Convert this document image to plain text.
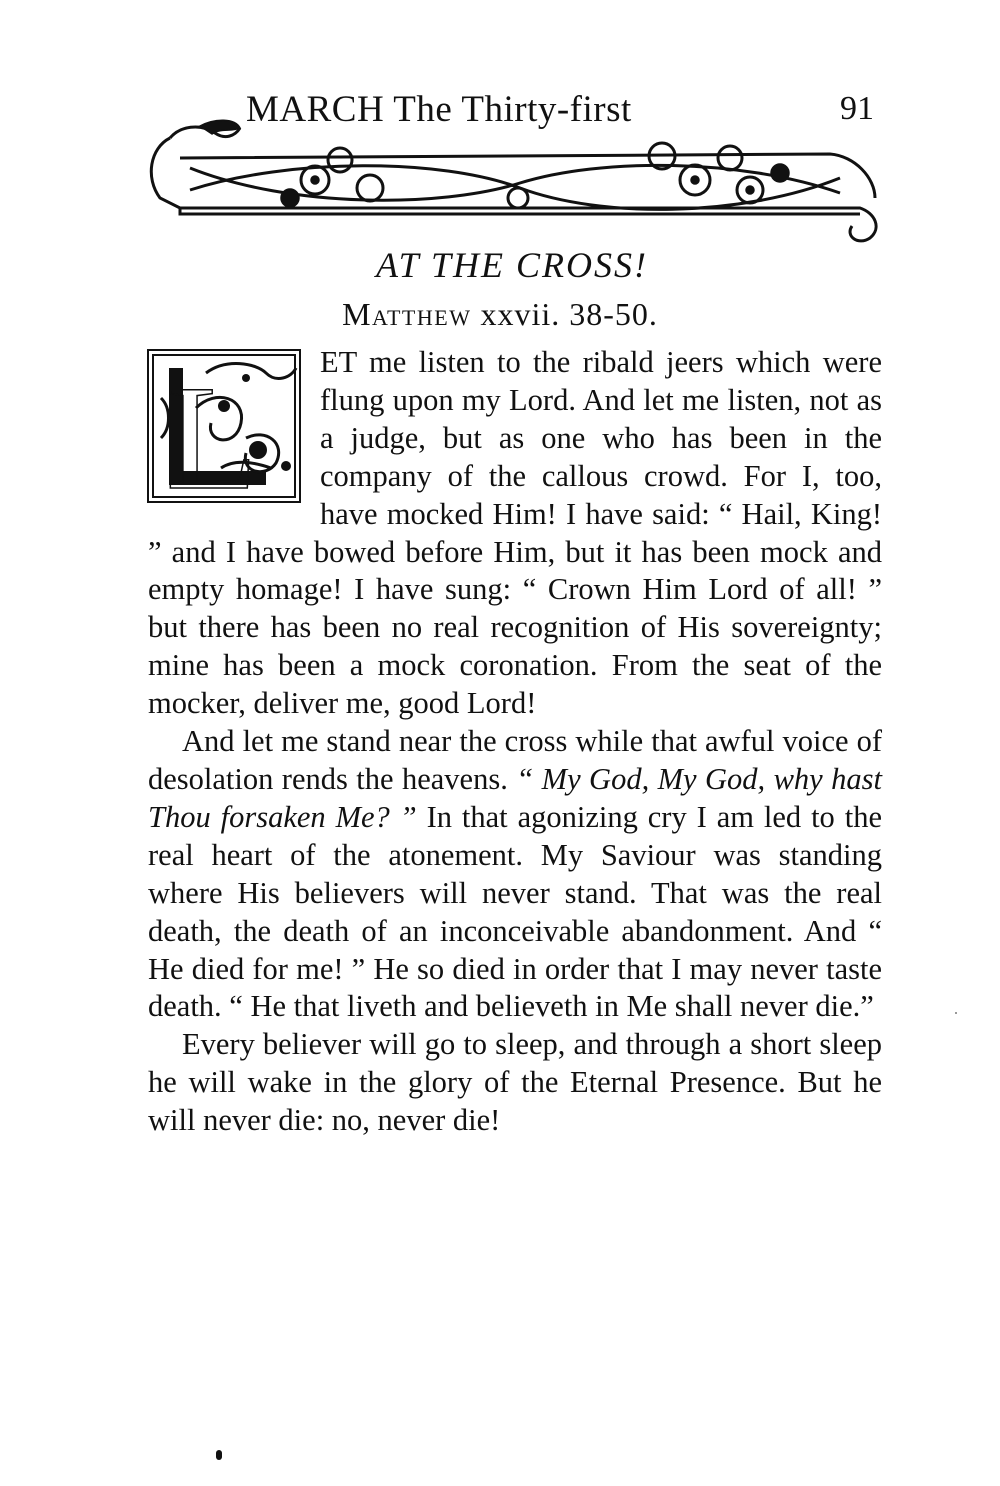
MARCH The Thirty-first	91
AT THE CROSS!
Matthew xxvii. 38-50.

L ET me listen to the ribald jeers which were flung upon my Lord. And let me listen, not as a judge, but as one who has been in the company of the callous crowd. For I, too, have mocked Him! I have said: “ Hail, King! ” and I have bowed before Him, but it has been mock and empty homage! I have sung: “ Crown Him Lord of all! ” but there has been no real recognition of His sovereignty; mine has been a mock coronation. From the seat of the mocker, deliver me, good Lord!

And let me stand near the cross while that awful voice of desolation rends the heavens. “ My God, My God, why hast Thou forsaken Me? ” In that agonizing cry I am led to the real heart of the atonement. My Saviour was standing where His believers will never stand. That was the real death, the death of an inconceivable abandonment. And “ He died for me! ” He so died in order that I may never taste death. “ He that liveth and believeth in Me shall never die.”

Every believer will go to sleep, and through a short sleep he will wake in the glory of the Eternal Presence. But he will never die: no, never die!
